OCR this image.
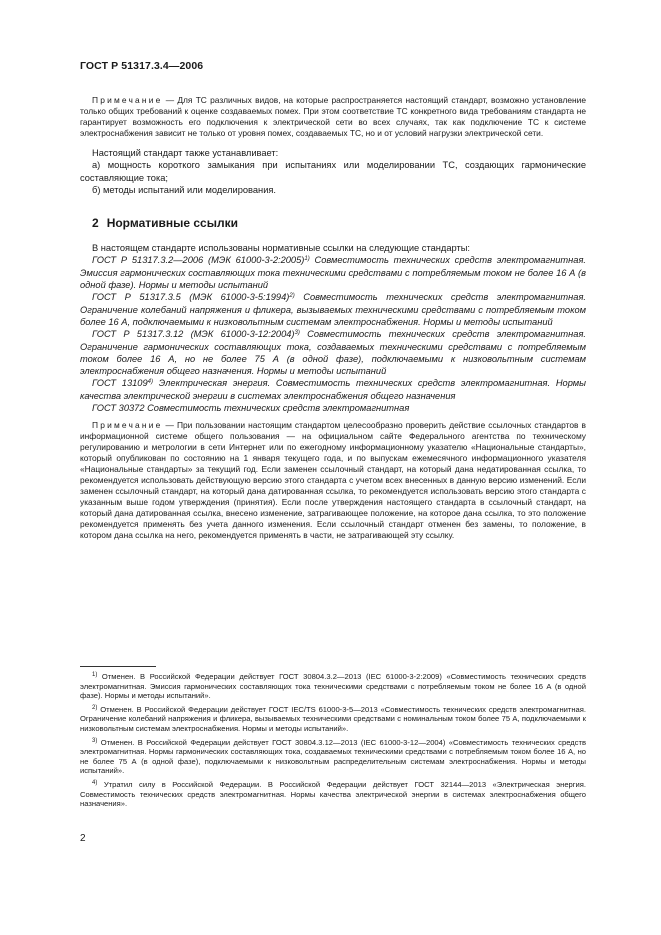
ГОСТ Р 51317.3.4—2006

Примечание — Для ТС различных видов, на которые распространяется настоящий стандарт, возможно установление только общих требований к оценке создаваемых помех. При этом соответствие ТС конкретного вида требованиям стандарта не гарантирует возможность его подключения к электрической сети во всех случаях, так как подключение ТС к системе электроснабжения зависит не только от уровня помех, создаваемых ТС, но и от условий нагрузки электрической сети.

Настоящий стандарт также устанавливает:

а) мощность короткого замыкания при испытаниях или моделировании ТС, создающих гармонические составляющие тока;

б) методы испытаний или моделирования.

2 Нормативные ссылки

В настоящем стандарте использованы нормативные ссылки на следующие стандарты:

ГОСТ Р 51317.3.2—2006 (МЭК 61000-3-2:2005)$^{1)}$ Совместимость технических средств электромагнитная. Эмиссия гармонических составляющих тока техническими средствами с потребляемым током не более 16 А (в одной фазе). Нормы и методы испытаний

ГОСТ Р 51317.3.5 (МЭК 61000-3-5:1994)$^{2)}$ Совместимость технических средств электромагнитная. Ограничение колебаний напряжения и фликера, вызываемых техническими средствами с потребляемым током более 16 А, подключаемыми к низковольтным системам электроснабжения. Нормы и методы испытаний

ГОСТ Р 51317.3.12 (МЭК 61000-3-12:2004)$^{3)}$ Совместимость технических средств электромагнитная. Ограничение гармонических составляющих тока, создаваемых техническими средствами с потребляемым током более 16 А, но не более 75 А (в одной фазе), подключаемыми к низковольтным системам электроснабжения общего назначения. Нормы и методы испытаний

ГОСТ 13109$^{4)}$ Электрическая энергия. Совместимость технических средств электромагнитная. Нормы качества электрической энергии в системах электроснабжения общего назначения

ГОСТ 30372 Совместимость технических средств электромагнитная

Примечание — При пользовании настоящим стандартом целесообразно проверить действие ссылочных стандартов в информационной системе общего пользования — на официальном сайте Федерального агентства по техническому регулированию и метрологии в сети Интернет или по ежегодному информационному указателю «Национальные стандарты», который опубликован по состоянию на 1 января текущего года, и по выпускам ежемесячного информационного указателя «Национальные стандарты» за текущий год. Если заменен ссылочный стандарт, на который дана недатированная ссылка, то рекомендуется использовать действующую версию этого стандарта с учетом всех внесенных в данную версию изменений. Если заменен ссылочный стандарт, на который дана датированная ссылка, то рекомендуется использовать версию этого стандарта с указанным выше годом утверждения (принятия). Если после утверждения настоящего стандарта в ссылочный стандарт, на который дана датированная ссылка, внесено изменение, затрагивающее положение, на которое дана ссылка, то это положение рекомендуется применять без учета данного изменения. Если ссылочный стандарт отменен без замены, то положение, в котором дана ссылка на него, рекомендуется применять в части, не затрагивающей эту ссылку.

$^{1)}$ Отменен. В Российской Федерации действует ГОСТ 30804.3.2—2013 (IEC 61000-3-2:2009) «Совместимость технических средств электромагнитная. Эмиссия гармонических составляющих тока техническими средствами с потребляемым током не более 16 А (в одной фазе). Нормы и методы испытаний».

$^{2)}$ Отменен. В Российской Федерации действует ГОСТ IEC/TS 61000-3-5—2013 «Совместимость технических средств электромагнитная. Ограничение колебаний напряжения и фликера, вызываемых техническими средствами с номинальным током более 75 А, подключаемыми к низковольтным системам электроснабжения. Нормы и методы испытаний».

$^{3)}$ Отменен. В Российской Федерации действует ГОСТ 30804.3.12—2013 (IEC 61000-3-12—2004) «Совместимость технических средств электромагнитная. Нормы гармонических составляющих тока, создаваемых техническими средствами с потребляемым током более 16 А, но не более 75 А (в одной фазе), подключаемыми к низковольтным распределительным системам электроснабжения. Нормы и методы испытаний».

$^{4)}$ Утратил силу в Российской Федерации. В Российской Федерации действует ГОСТ 32144—2013 «Электрическая энергия. Совместимость технических средств электромагнитная. Нормы качества электрической энергии в системах электроснабжения общего назначения».

2
